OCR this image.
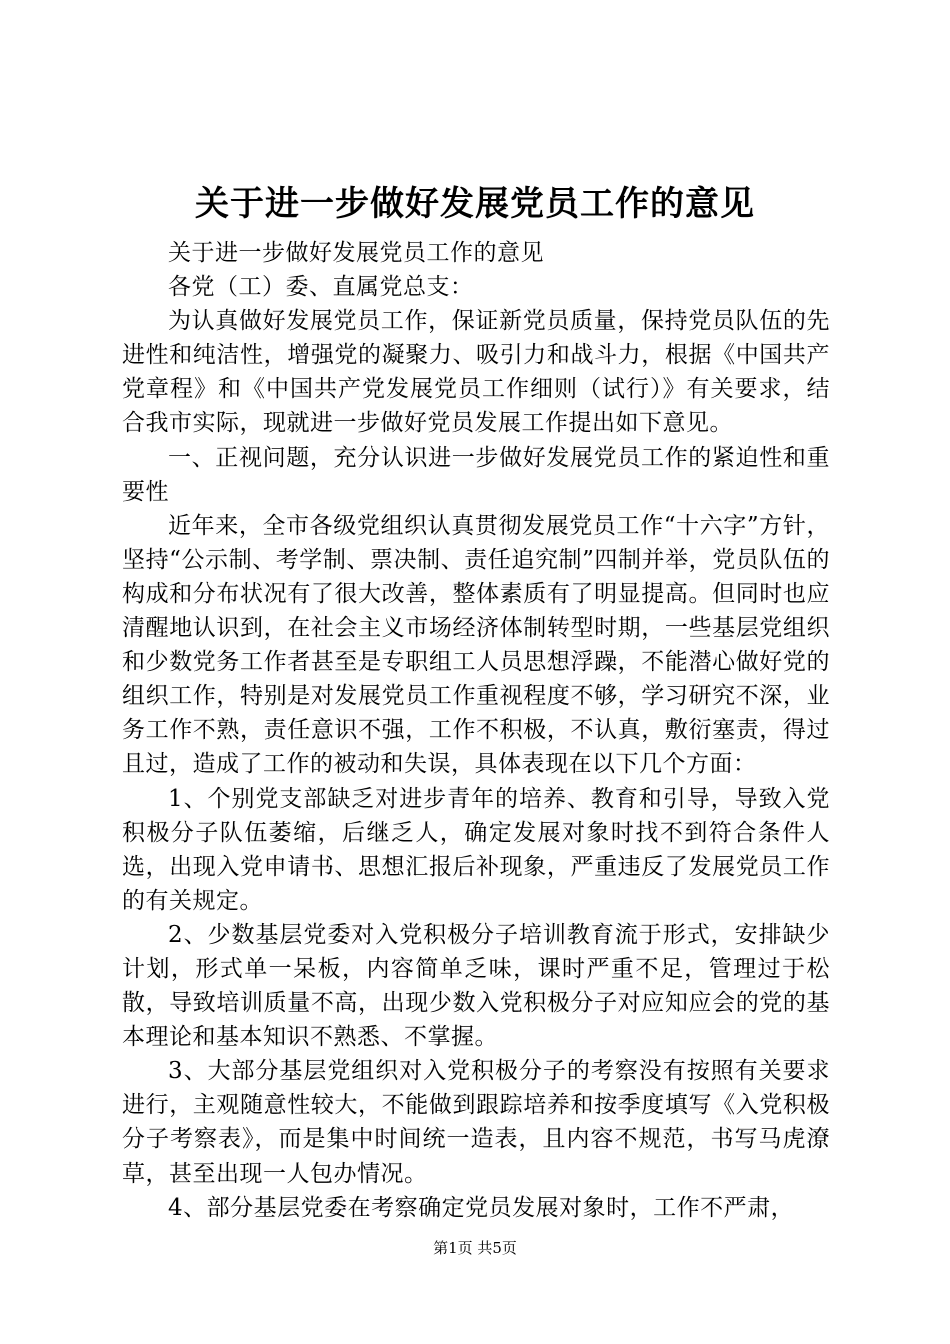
关于进一步做好发展党员工作的意见

关于进一步做好发展党员工作的意见

各党（工）委、直属党总支：

为认真做好发展党员工作，保证新党员质量，保持党员队伍的先进性和纯洁性，增强党的凝聚力、吸引力和战斗力，根据《中国共产党章程》和《中国共产党发展党员工作细则（试行）》有关要求，结合我市实际，现就进一步做好党员发展工作提出如下意见。

一、正视问题，充分认识进一步做好发展党员工作的紧迫性和重要性

近年来，全市各级党组织认真贯彻发展党员工作“十六字”方针，坚持“公示制、考学制、票决制、责任追究制”四制并举，党员队伍的构成和分布状况有了很大改善，整体素质有了明显提高。但同时也应清醒地认识到，在社会主义市场经济体制转型时期，一些基层党组织和少数党务工作者甚至是专职组工人员思想浮躁，不能潜心做好党的组织工作，特别是对发展党员工作重视程度不够，学习研究不深，业务工作不熟，责任意识不强，工作不积极，不认真，敷衍塞责，得过且过，造成了工作的被动和失误，具体表现在以下几个方面：

1、个别党支部缺乏对进步青年的培养、教育和引导，导致入党积极分子队伍萎缩，后继乏人，确定发展对象时找不到符合条件人选，出现入党申请书、思想汇报后补现象，严重违反了发展党员工作的有关规定。

2、少数基层党委对入党积极分子培训教育流于形式，安排缺少计划，形式单一呆板，内容简单乏味，课时严重不足，管理过于松散，导致培训质量不高，出现少数入党积极分子对应知应会的党的基本理论和基本知识不熟悉、不掌握。

3、大部分基层党组织对入党积极分子的考察没有按照有关要求进行，主观随意性较大，不能做到跟踪培养和按季度填写《入党积极分子考察表》，而是集中时间统一造表，且内容不规范，书写马虎潦草，甚至出现一人包办情况。

4、部分基层党委在考察确定党员发展对象时，工作不严肃，

第1页 共5页
